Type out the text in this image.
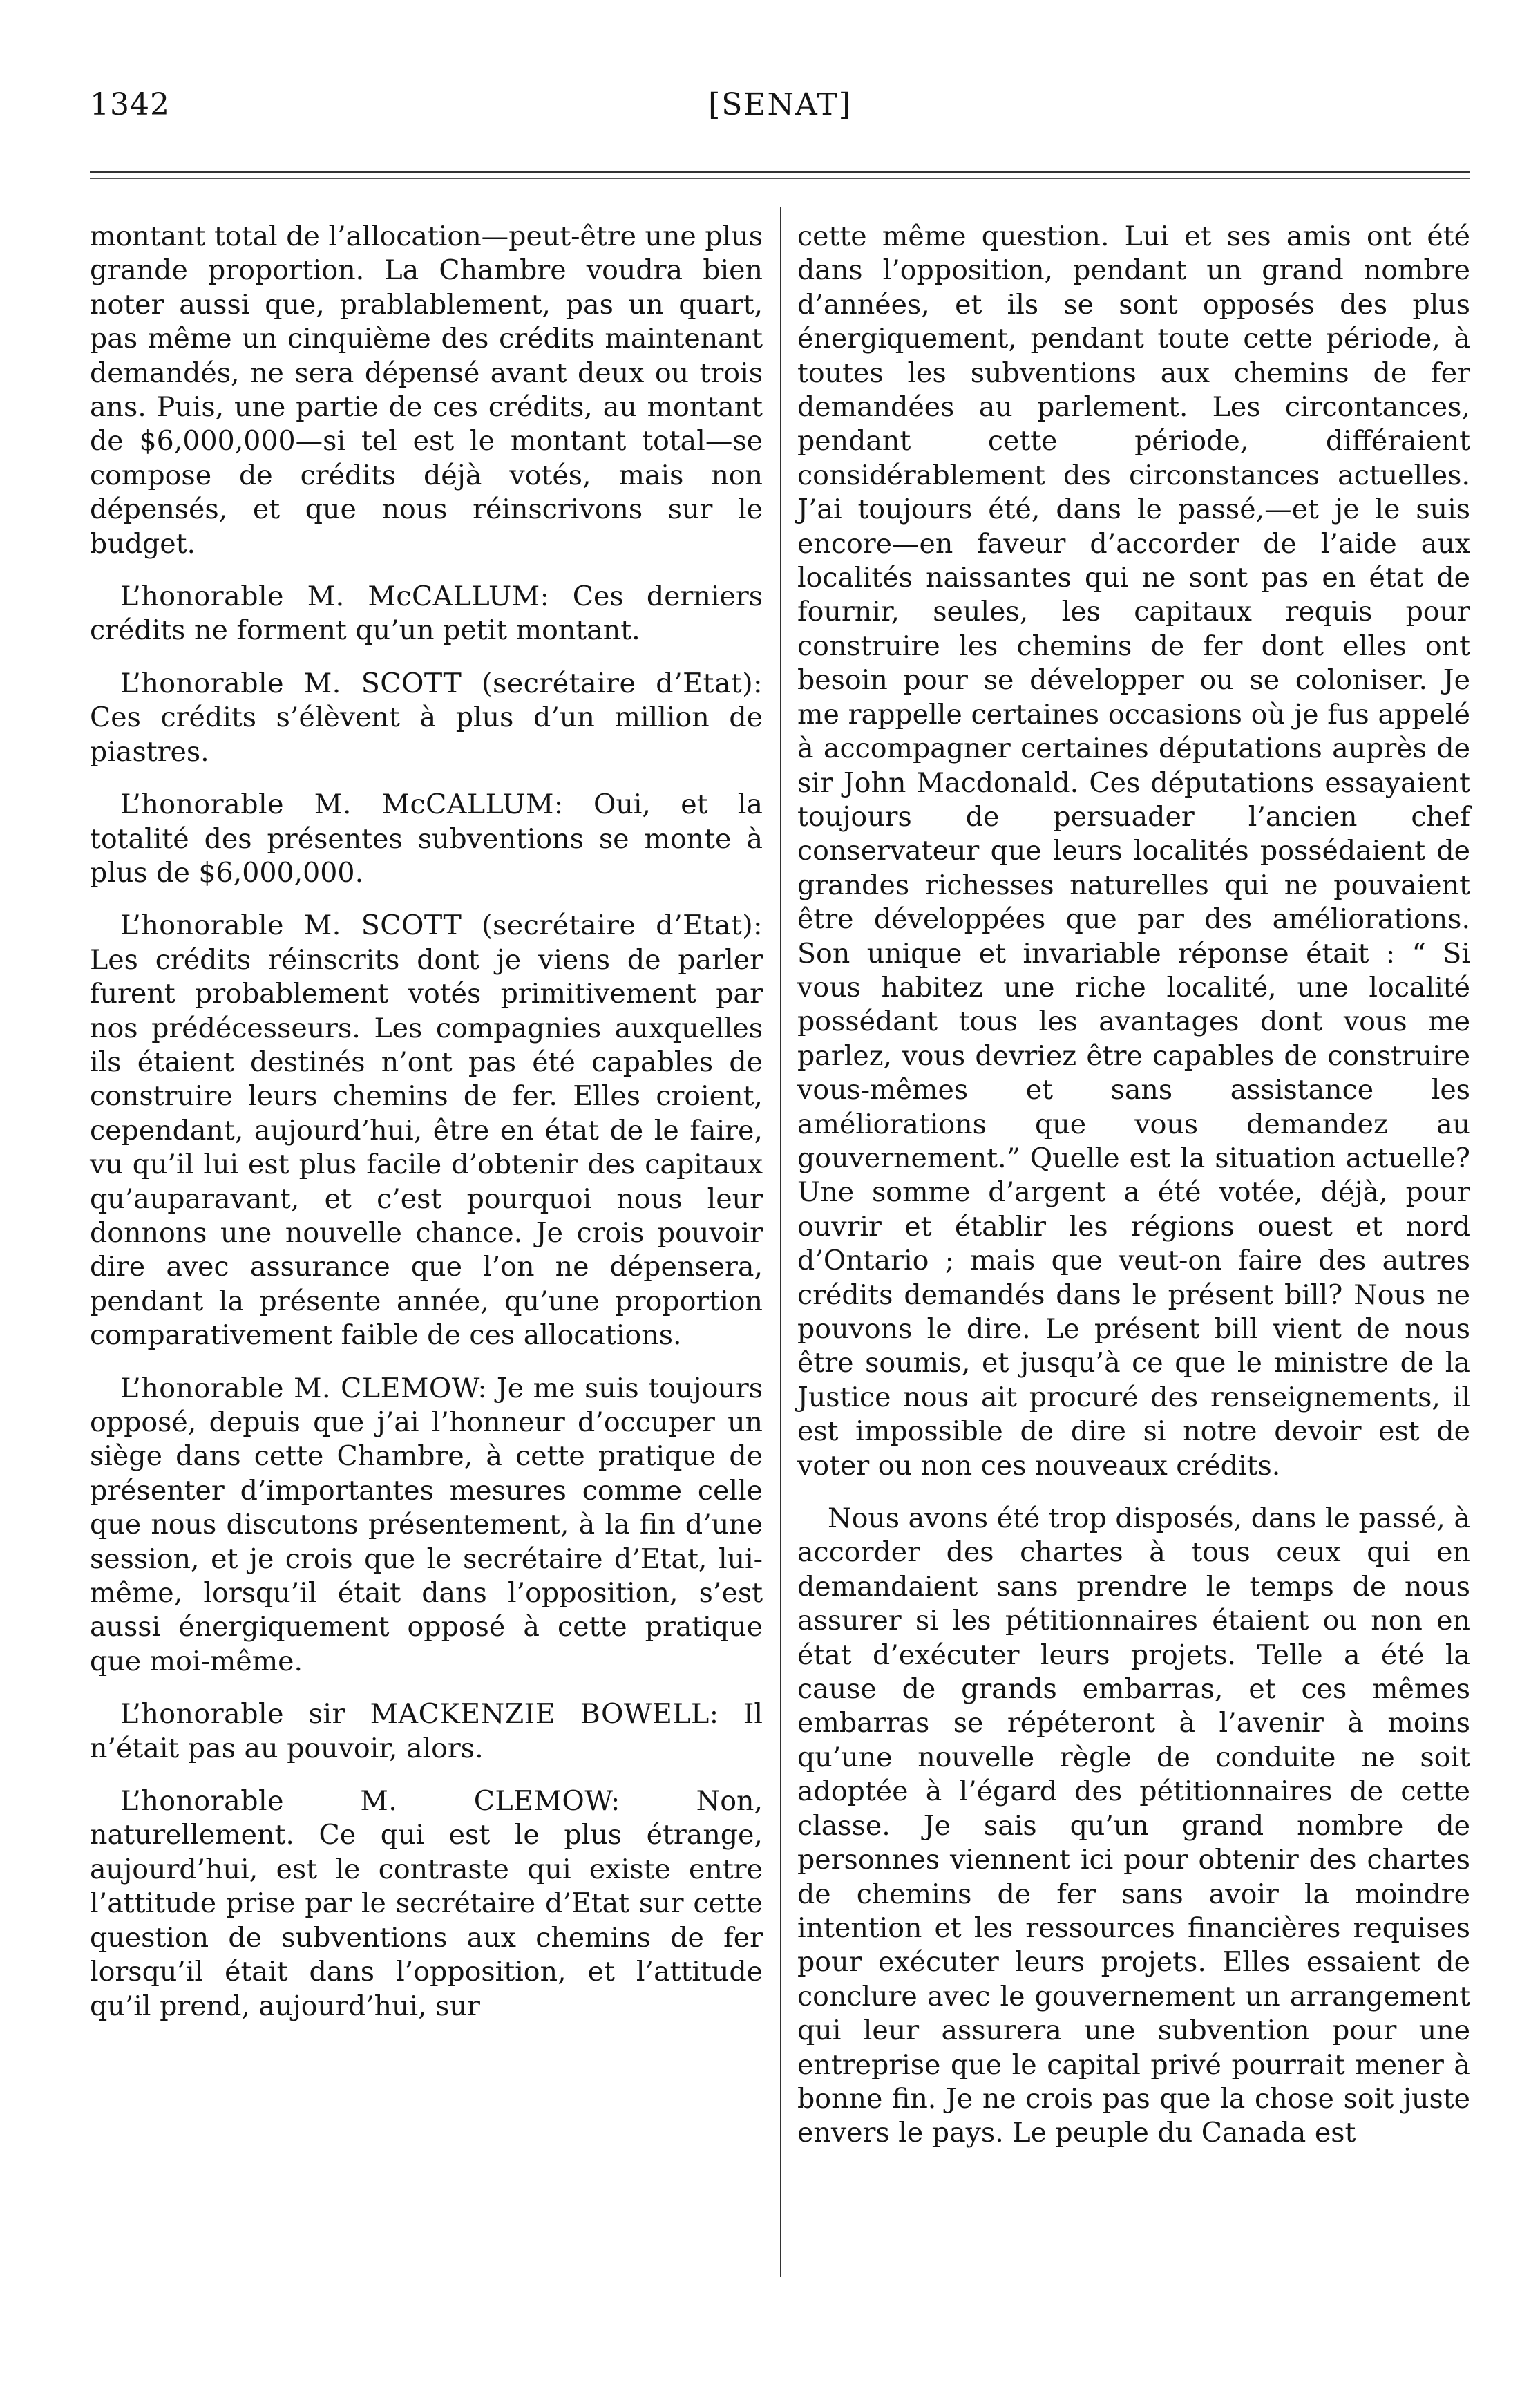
1342	[SENAT]

montant total de l’allocation—peut-être une plus grande proportion. La Chambre voudra bien noter aussi que, prablablement, pas un quart, pas même un cinquième des crédits maintenant demandés, ne sera dépensé avant deux ou trois ans. Puis, une partie de ces crédits, au montant de $6,000,000—si tel est le montant total—se compose de crédits déjà votés, mais non dépensés, et que nous réinscrivons sur le budget.

L’honorable M. McCALLUM: Ces derniers crédits ne forment qu’un petit montant.

L’honorable M. SCOTT (secrétaire d’Etat): Ces crédits s’élèvent à plus d’un million de piastres.

L’honorable M. McCALLUM: Oui, et la totalité des présentes subventions se monte à plus de $6,000,000.

L’honorable M. SCOTT (secrétaire d’Etat): Les crédits réinscrits dont je viens de parler furent probablement votés primitivement par nos prédécesseurs. Les compagnies auxquelles ils étaient destinés n’ont pas été capables de construire leurs chemins de fer. Elles croient, cependant, aujourd’hui, être en état de le faire, vu qu’il lui est plus facile d’obtenir des capitaux qu’auparavant, et c’est pourquoi nous leur donnons une nouvelle chance. Je crois pouvoir dire avec assurance que l’on ne dépensera, pendant la présente année, qu’une proportion comparativement faible de ces allocations.

L’honorable M. CLEMOW: Je me suis toujours opposé, depuis que j’ai l’honneur d’occuper un siège dans cette Chambre, à cette pratique de présenter d’importantes mesures comme celle que nous discutons présentement, à la fin d’une session, et je crois que le secrétaire d’Etat, lui-même, lorsqu’il était dans l’opposition, s’est aussi énergiquement opposé à cette pratique que moi-même.

L’honorable sir MACKENZIE BOWELL: Il n’était pas au pouvoir, alors.

L’honorable M. CLEMOW: Non, naturellement. Ce qui est le plus étrange, aujourd’hui, est le contraste qui existe entre l’attitude prise par le secrétaire d’Etat sur cette question de subventions aux chemins de fer lorsqu’il était dans l’opposition, et l’attitude qu’il prend, aujourd’hui, sur

cette même question. Lui et ses amis ont été dans l’opposition, pendant un grand nombre d’années, et ils se sont opposés des plus énergiquement, pendant toute cette période, à toutes les subventions aux chemins de fer demandées au parlement. Les circontances, pendant cette période, différaient considérablement des circonstances actuelles. J’ai toujours été, dans le passé,—et je le suis encore—en faveur d’accorder de l’aide aux localités naissantes qui ne sont pas en état de fournir, seules, les capitaux requis pour construire les chemins de fer dont elles ont besoin pour se développer ou se coloniser. Je me rappelle certaines occasions où je fus appelé à accompagner certaines députations auprès de sir John Macdonald. Ces députations essayaient toujours de persuader l’ancien chef conservateur que leurs localités possédaient de grandes richesses naturelles qui ne pouvaient être développées que par des améliorations. Son unique et invariable réponse était : “ Si vous habitez une riche localité, une localité possédant tous les avantages dont vous me parlez, vous devriez être capables de construire vous-mêmes et sans assistance les améliorations que vous demandez au gouvernement.” Quelle est la situation actuelle? Une somme d’argent a été votée, déjà, pour ouvrir et établir les régions ouest et nord d’Ontario ; mais que veut-on faire des autres crédits demandés dans le présent bill? Nous ne pouvons le dire. Le présent bill vient de nous être soumis, et jusqu’à ce que le ministre de la Justice nous ait procuré des renseignements, il est impossible de dire si notre devoir est de voter ou non ces nouveaux crédits.

Nous avons été trop disposés, dans le passé, à accorder des chartes à tous ceux qui en demandaient sans prendre le temps de nous assurer si les pétitionnaires étaient ou non en état d’exécuter leurs projets. Telle a été la cause de grands embarras, et ces mêmes embarras se répéteront à l’avenir à moins qu’une nouvelle règle de conduite ne soit adoptée à l’égard des pétitionnaires de cette classe. Je sais qu’un grand nombre de personnes viennent ici pour obtenir des chartes de chemins de fer sans avoir la moindre intention et les ressources financières requises pour exécuter leurs projets. Elles essaient de conclure avec le gouvernement un arrangement qui leur assurera une subvention pour une entreprise que le capital privé pourrait mener à bonne fin. Je ne crois pas que la chose soit juste envers le pays. Le peuple du Canada est
